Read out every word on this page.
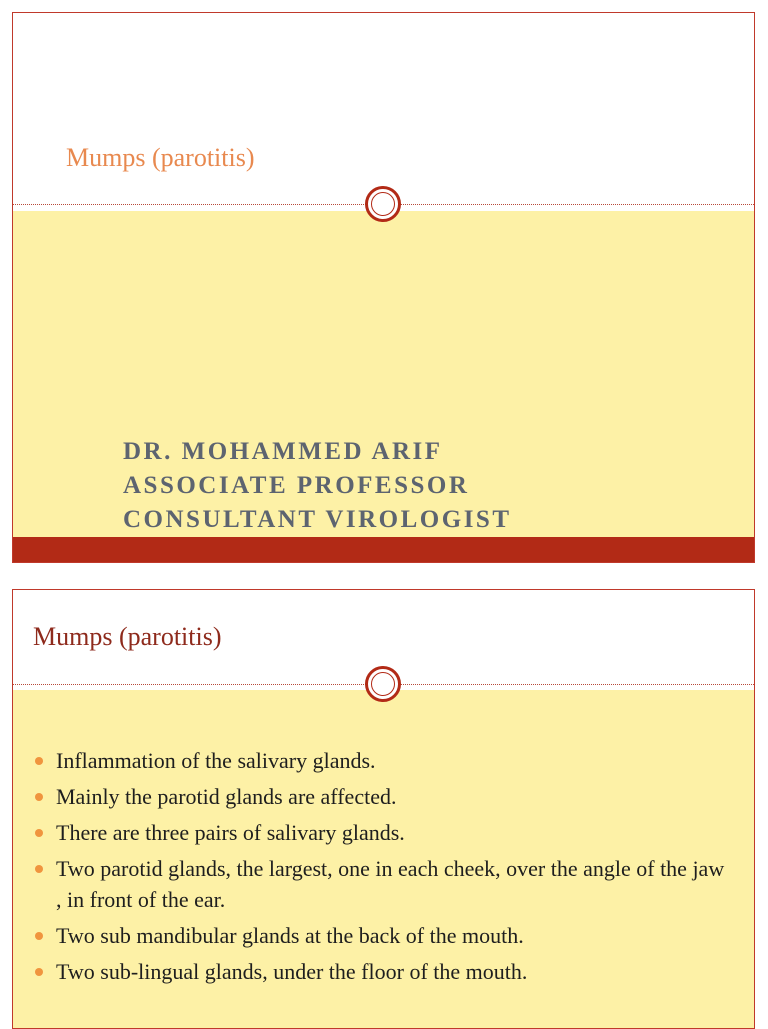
Mumps (parotitis)
DR. MOHAMMED ARIF
ASSOCIATE PROFESSOR
CONSULTANT VIROLOGIST
Mumps (parotitis)
Inflammation of the salivary glands.
Mainly the parotid glands are affected.
There are three pairs of salivary glands.
Two parotid glands, the largest, one in each cheek, over the angle of the jaw , in front of the ear.
Two sub mandibular glands at the back of the mouth.
Two sub-lingual glands, under the floor of the mouth.
